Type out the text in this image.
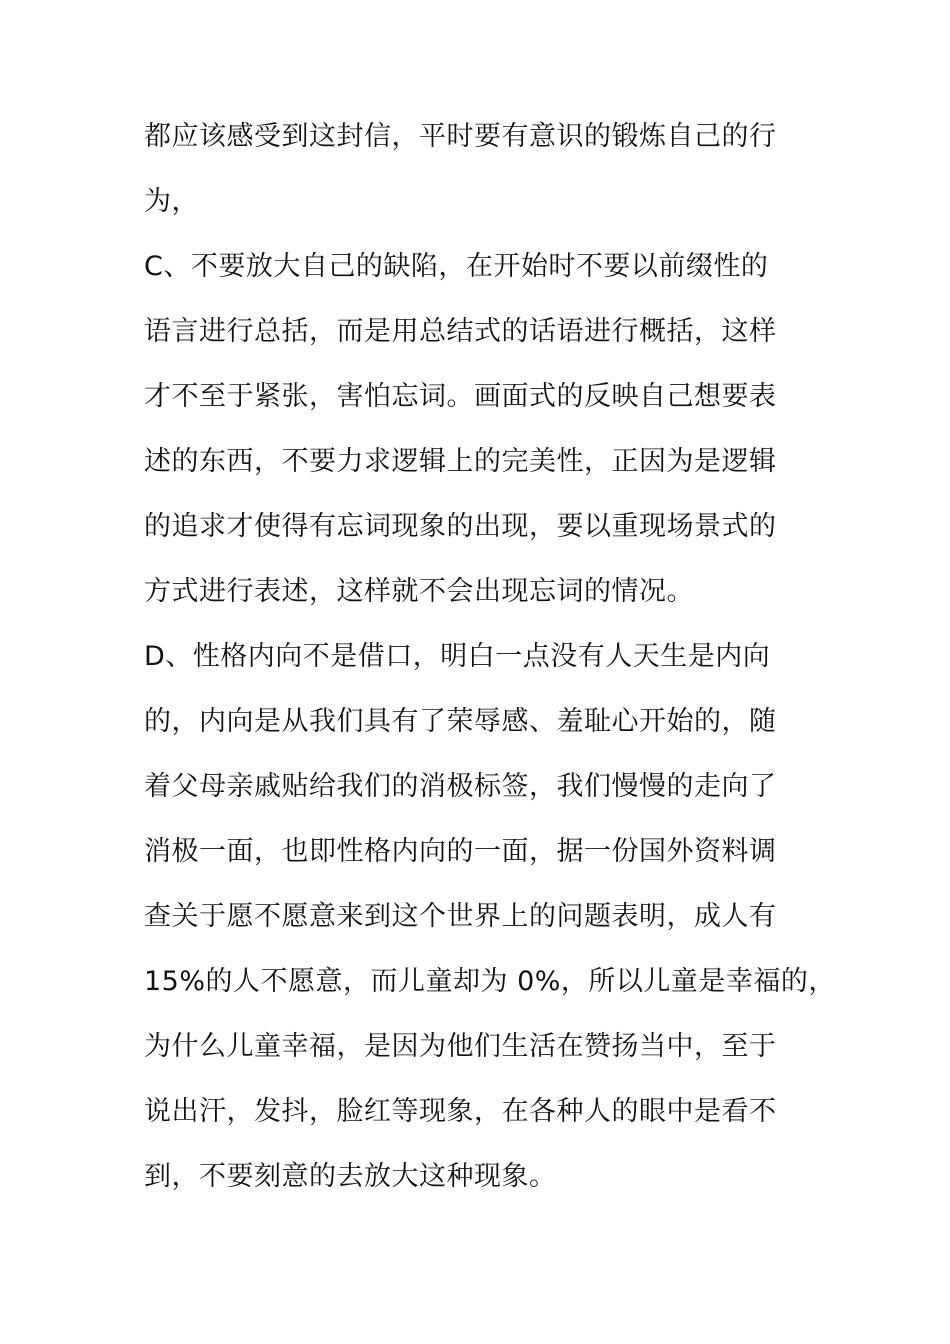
都应该感受到这封信，平时要有意识的锻炼自己的行
为，
C、不要放大自己的缺陷，在开始时不要以前缀性的
语言进行总括，而是用总结式的话语进行概括，这样
才不至于紧张，害怕忘词。画面式的反映自己想要表
述的东西，不要力求逻辑上的完美性，正因为是逻辑
的追求才使得有忘词现象的出现，要以重现场景式的
方式进行表述，这样就不会出现忘词的情况。
D、性格内向不是借口，明白一点没有人天生是内向
的，内向是从我们具有了荣辱感、羞耻心开始的，随
着父母亲戚贴给我们的消极标签，我们慢慢的走向了
消极一面，也即性格内向的一面，据一份国外资料调
查关于愿不愿意来到这个世界上的问题表明，成人有
15%的人不愿意，而儿童却为 0%，所以儿童是幸福的，
为什么儿童幸福，是因为他们生活在赞扬当中，至于
说出汗，发抖，脸红等现象，在各种人的眼中是看不
到，不要刻意的去放大这种现象。
